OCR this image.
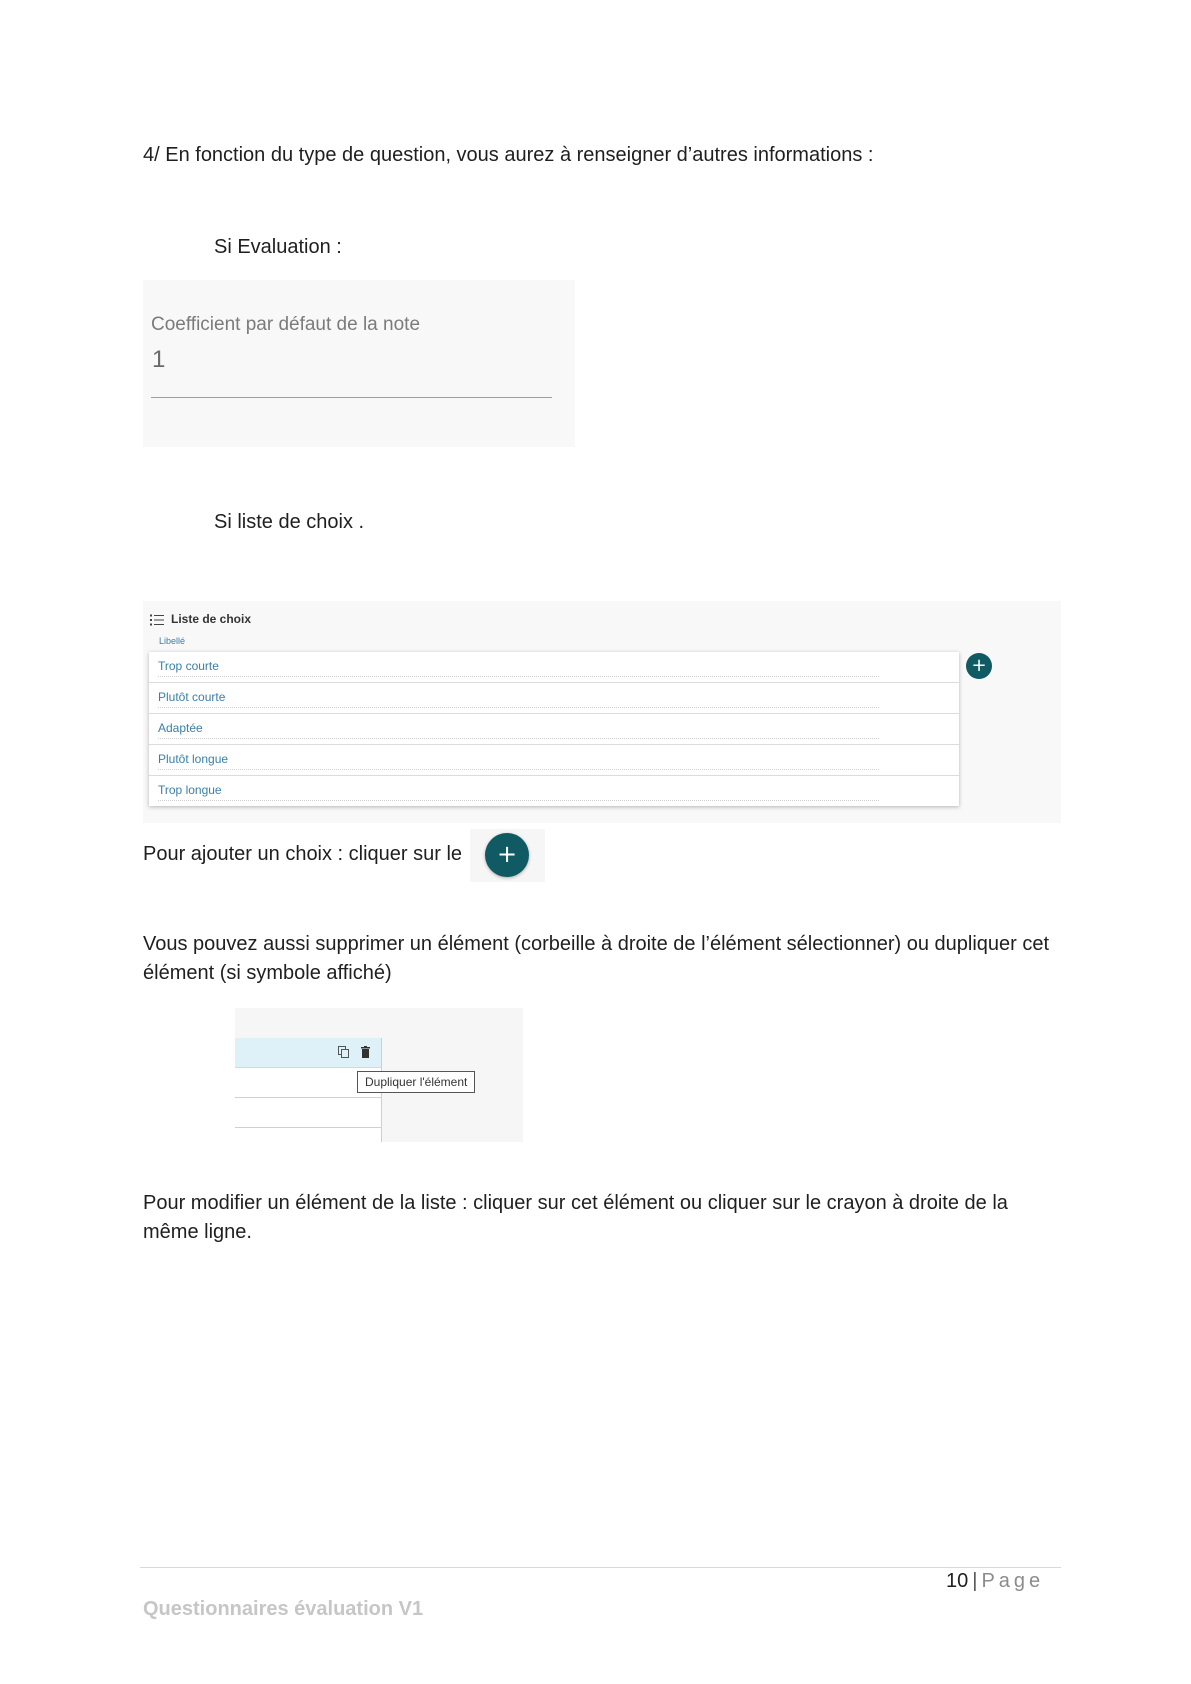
4/ En fonction du type de question, vous aurez à renseigner d’autres informations :
Si Evaluation :
Coefficient par défaut de la note
1
Si liste de choix .
Liste de choix
Libellé
Trop courte
Plutôt courte
Adaptée
Plutôt longue
Trop longue
+
Pour ajouter un choix : cliquer sur le	+
Vous pouvez aussi supprimer un élément (corbeille à droite de l’élément sélectionner) ou dupliquer cet élément (si symbole affiché)
Dupliquer l'élément
Pour modifier un élément de la liste : cliquer sur cet élément ou cliquer sur le crayon à droite de la même ligne.
10 | Page
Questionnaires évaluation V1
